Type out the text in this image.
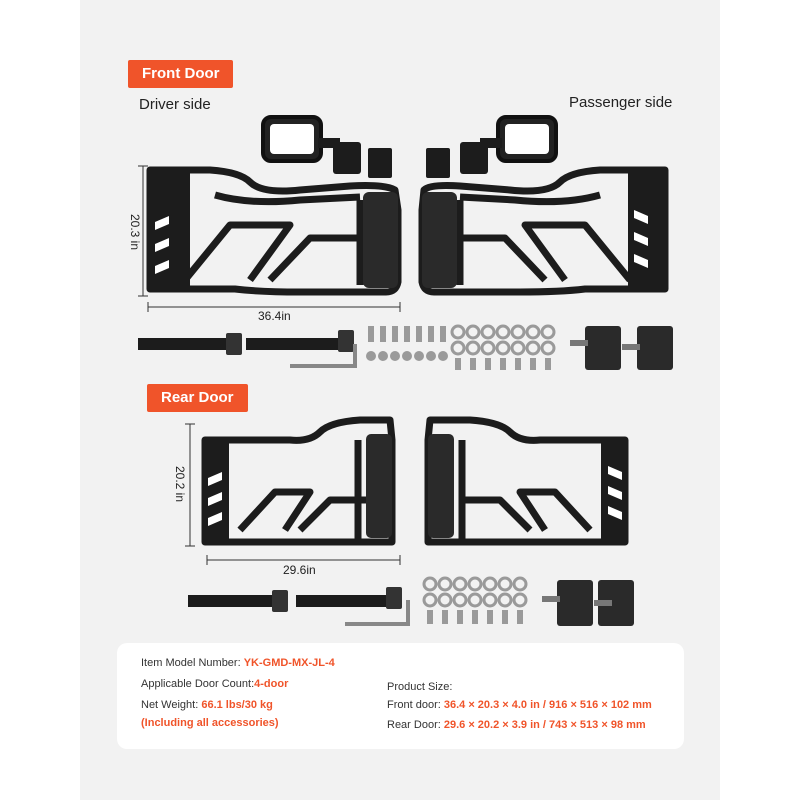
Front Door
Driver side	Passenger side
36.4in
20.3 in
Rear Door
29.6in
20.2 in
Item Model Number: YK-GMD-MX-JL-4
Applicable Door Count:4-door
Net Weight: 66.1 lbs/30 kg
(Including all accessories)
Product Size:
Front door: 36.4 × 20.3 × 4.0 in / 916 × 516 × 102 mm
Rear Door: 29.6 × 20.2 × 3.9 in / 743 × 513 × 98 mm
